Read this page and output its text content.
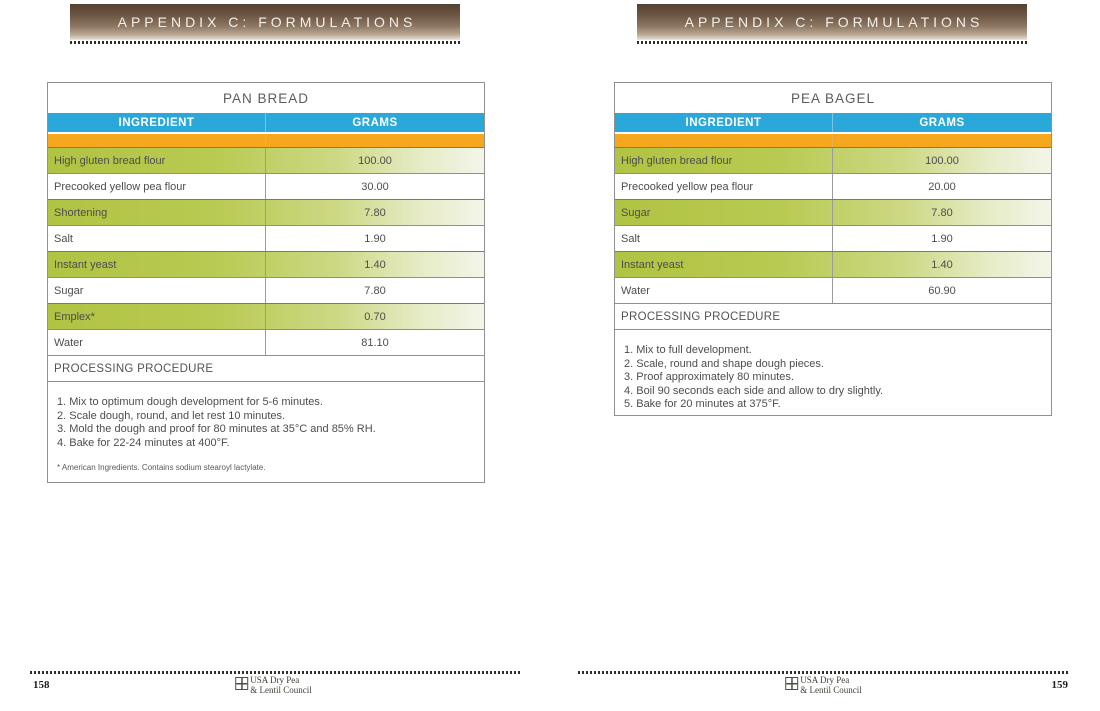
APPENDIX C: FORMULATIONS
PAN BREAD
INGREDIENT	GRAMS
High gluten bread flour	100.00
Precooked yellow pea flour	30.00
Shortening	7.80
Salt	1.90
Instant yeast	1.40
Sugar	7.80
Emplex*	0.70
Water	81.10
PROCESSING PROCEDURE
1. Mix to optimum dough development for 5-6 minutes.
2. Scale dough, round, and let rest 10 minutes.
3. Mold the dough and proof for 80 minutes at 35°C and 85% RH.
4. Bake for 22-24 minutes at 400°F.
* American Ingredients. Contains sodium stearoyl lactylate.
158	USA Dry Pea
& Lentil Council
APPENDIX C: FORMULATIONS
PEA BAGEL
INGREDIENT	GRAMS
High gluten bread flour	100.00
Precooked yellow pea flour	20.00
Sugar	7.80
Salt	1.90
Instant yeast	1.40
Water	60.90
PROCESSING PROCEDURE
1. Mix to full development.
2. Scale, round and shape dough pieces.
3. Proof approximately 80 minutes.
4. Boil 90 seconds each side and allow to dry slightly.
5. Bake for 20 minutes at 375°F.
159
USA Dry Pea
& Lentil Council
